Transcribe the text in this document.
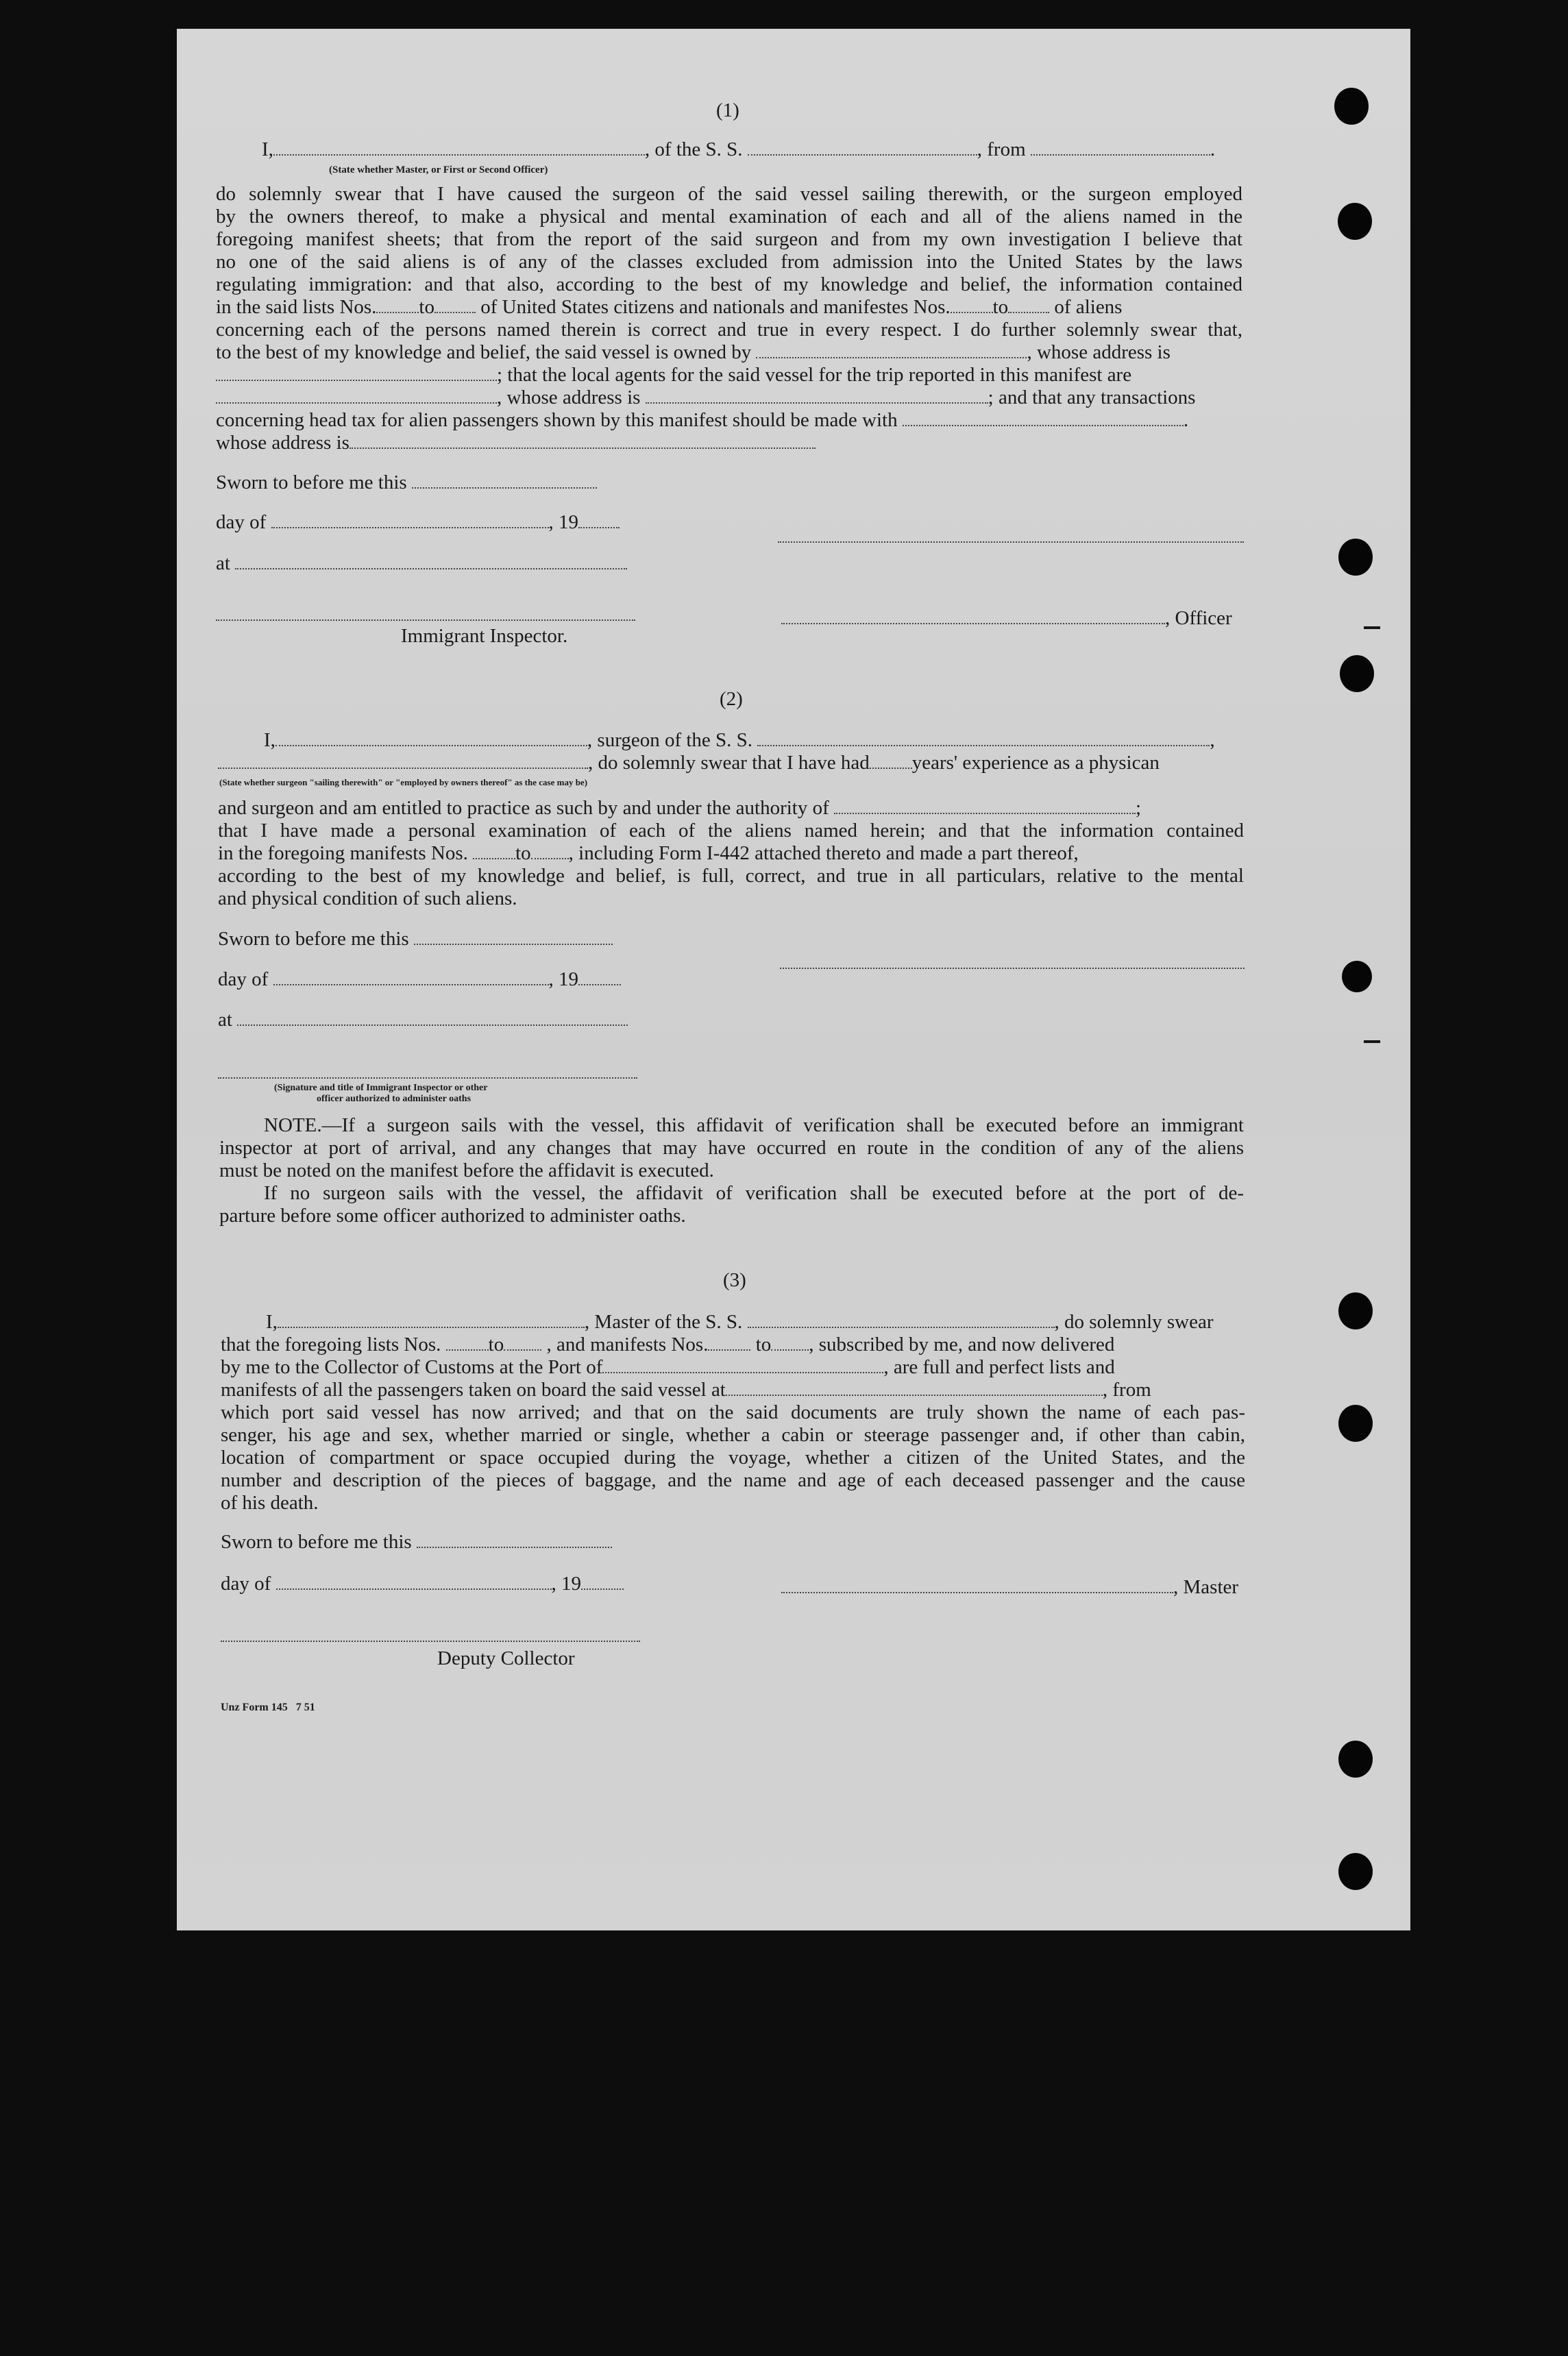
(1)
I,	, of the S. S.	, from	.
(State whether Master, or First or Second Officer)
do solemnly swear that I have caused the surgeon of the said vessel sailing therewith, or the surgeon employed
by the owners thereof, to make a physical and mental examination of each and all of the aliens named in the
foregoing manifest sheets; that from the report of the said surgeon and from my own investigation I believe that
no one of the said aliens is of any of the classes excluded from admission into the United States by the laws
regulating immigration: and that also, according to the best of my knowledge and belief, the information contained
in the said lists Nos. to of United States citizens and nationals and manifestes Nos. to of aliens
concerning each of the persons named therein is correct and true in every respect. I do further solemnly swear that,
to the best of my knowledge and belief, the said vessel is owned by	, whose address is
; that the local agents for the said vessel for the trip reported in this manifest are
, whose address is	; and that any transactions
concerning head tax for alien passengers shown by this manifest should be made with	.
whose address is
Sworn to before me this
day of	, 19
at
, Officer
Immigrant Inspector.
(2)
I,	, surgeon of the S. S.	,
, do solemnly swear that I have had years' experience as a physican
(State whether surgeon "sailing therewith" or "employed by owners thereof" as the case may be)
and surgeon and am entitled to practice as such by and under the authority of	;
that I have made a personal examination of each of the aliens named herein; and that the information contained
in the foregoing manifests Nos. to , including Form I-442 attached thereto and made a part thereof,
according to the best of my knowledge and belief, is full, correct, and true in all particulars, relative to the mental
and physical condition of such aliens.
Sworn to before me this
day of	, 19
at
(Signature and title of Immigrant Inspector or other
officer authorized to administer oaths
NOTE.—If a surgeon sails with the vessel, this affidavit of verification shall be executed before an immigrant
inspector at port of arrival, and any changes that may have occurred en route in the condition of any of the aliens
must be noted on the manifest before the affidavit is executed.
If no surgeon sails with the vessel, the affidavit of verification shall be executed before at the port of de-
parture before some officer authorized to administer oaths.
(3)
I,	, Master of the S. S.	, do solemnly swear
that the foregoing lists Nos. to , and manifests Nos. to , subscribed by me, and now delivered
by me to the Collector of Customs at the Port of	, are full and perfect lists and
manifests of all the passengers taken on board the said vessel at	, from
which port said vessel has now arrived; and that on the said documents are truly shown the name of each pas-
senger, his age and sex, whether married or single, whether a cabin or steerage passenger and, if other than cabin,
location of compartment or space occupied during the voyage, whether a citizen of the United States, and the
number and description of the pieces of baggage, and the name and age of each deceased passenger and the cause
of his death.
Sworn to before me this
day of	, 19	, Master
Deputy Collector
Unz Form 145   7 51
